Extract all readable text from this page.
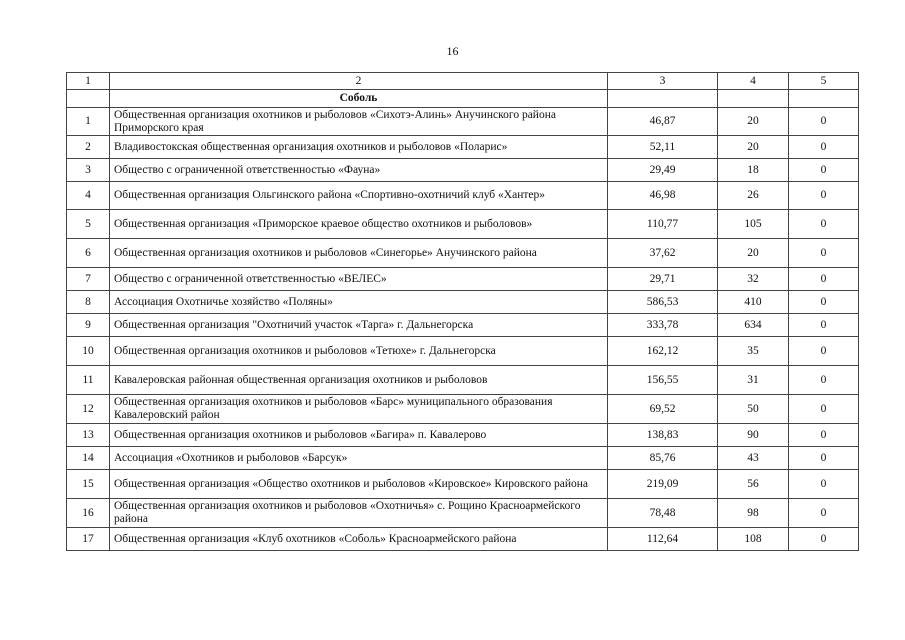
16
1	2	3	4	5
	Соболь			
1	Общественная организация охотников и рыболовов «Сихотэ-Алинь» Анучинского района Приморского края	46,87	20	0
2	Владивостокская общественная организация охотников и рыболовов «Поларис»	52,11	20	0
3	Общество с ограниченной ответственностью «Фауна»	29,49	18	0
4	Общественная организация Ольгинского района «Спортивно-охотничий клуб «Хантер»	46,98	26	0
5	Общественная организация «Приморское краевое общество охотников и рыболовов»	110,77	105	0
6	Общественная организация охотников и рыболовов «Синегорье» Анучинского района	37,62	20	0
7	Общество с ограниченной ответственностью «ВЕЛЕС»	29,71	32	0
8	Ассоциация Охотничье хозяйство «Поляны»	586,53	410	0
9	Общественная организация "Охотничий участок «Тарга» г. Дальнегорска	333,78	634	0
10	Общественная организация охотников и рыболовов «Тетюхе» г. Дальнегорска	162,12	35	0
11	Кавалеровская районная общественная организация охотников и рыболовов	156,55	31	0
12	Общественная организация охотников и рыболовов «Барс» муниципального образования Кавалеровский район	69,52	50	0
13	Общественная организация охотников и рыболовов «Багира» п. Кавалерово	138,83	90	0
14	Ассоциация «Охотников и рыболовов «Барсук»	85,76	43	0
15	Общественная организация «Общество охотников и рыболовов «Кировское» Кировского района	219,09	56	0
16	Общественная организация охотников и рыболовов «Охотничья» с. Рощино Красноармейского района	78,48	98	0
17	Общественная организация «Клуб охотников «Соболь» Красноармейского района	112,64	108	0
